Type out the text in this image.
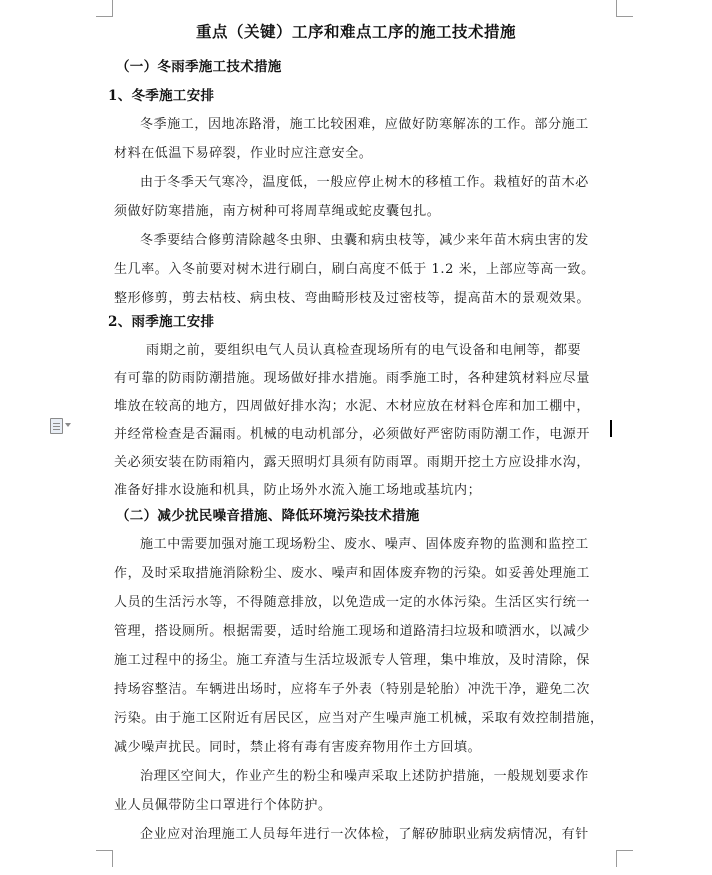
重点（关键）工序和难点工序的施工技术措施
（一）冬雨季施工技术措施
1、冬季施工安排
冬季施工，因地冻路滑，施工比较困难，应做好防寒解冻的工作。部分施工
材料在低温下易碎裂，作业时应注意安全。
由于冬季天气寒冷，温度低，一般应停止树木的移植工作。栽植好的苗木必
须做好防寒措施，南方树种可将周草绳或蛇皮囊包扎。
冬季要结合修剪清除越冬虫卵、虫囊和病虫枝等，减少来年苗木病虫害的发
生几率。入冬前要对树木进行刷白，刷白高度不低于 1.2 米，上部应等高一致。
整形修剪，剪去枯枝、病虫枝、弯曲畸形枝及过密枝等，提高苗木的景观效果。
2、雨季施工安排
雨期之前，要组织电气人员认真检查现场所有的电气设备和电闸等，都要
有可靠的防雨防潮措施。现场做好排水措施。雨季施工时，各种建筑材料应尽量
堆放在较高的地方，四周做好排水沟；水泥、木材应放在材料仓库和加工棚中，
并经常检查是否漏雨。机械的电动机部分，必须做好严密防雨防潮工作，电源开
关必须安装在防雨箱内，露天照明灯具须有防雨罩。雨期开挖土方应设排水沟，
准备好排水设施和机具，防止场外水流入施工场地或基坑内；
（二）减少扰民噪音措施、降低环境污染技术措施
施工中需要加强对施工现场粉尘、废水、噪声、固体废弃物的监测和监控工
作，及时采取措施消除粉尘、废水、噪声和固体废弃物的污染。如妥善处理施工
人员的生活污水等，不得随意排放，以免造成一定的水体污染。生活区实行统一
管理，搭设厕所。根据需要，适时给施工现场和道路清扫垃圾和喷洒水，以减少
施工过程中的扬尘。施工弃渣与生活垃圾派专人管理，集中堆放，及时清除，保
持场容整洁。车辆进出场时，应将车子外表（特别是轮胎）冲洗干净，避免二次
污染。由于施工区附近有居民区，应当对产生噪声施工机械，采取有效控制措施，
减少噪声扰民。同时，禁止将有毒有害废弃物用作土方回填。
治理区空间大，作业产生的粉尘和噪声采取上述防护措施，一般规划要求作
业人员佩带防尘口罩进行个体防护。
企业应对治理施工人员每年进行一次体检，了解矽肺职业病发病情况，有针
